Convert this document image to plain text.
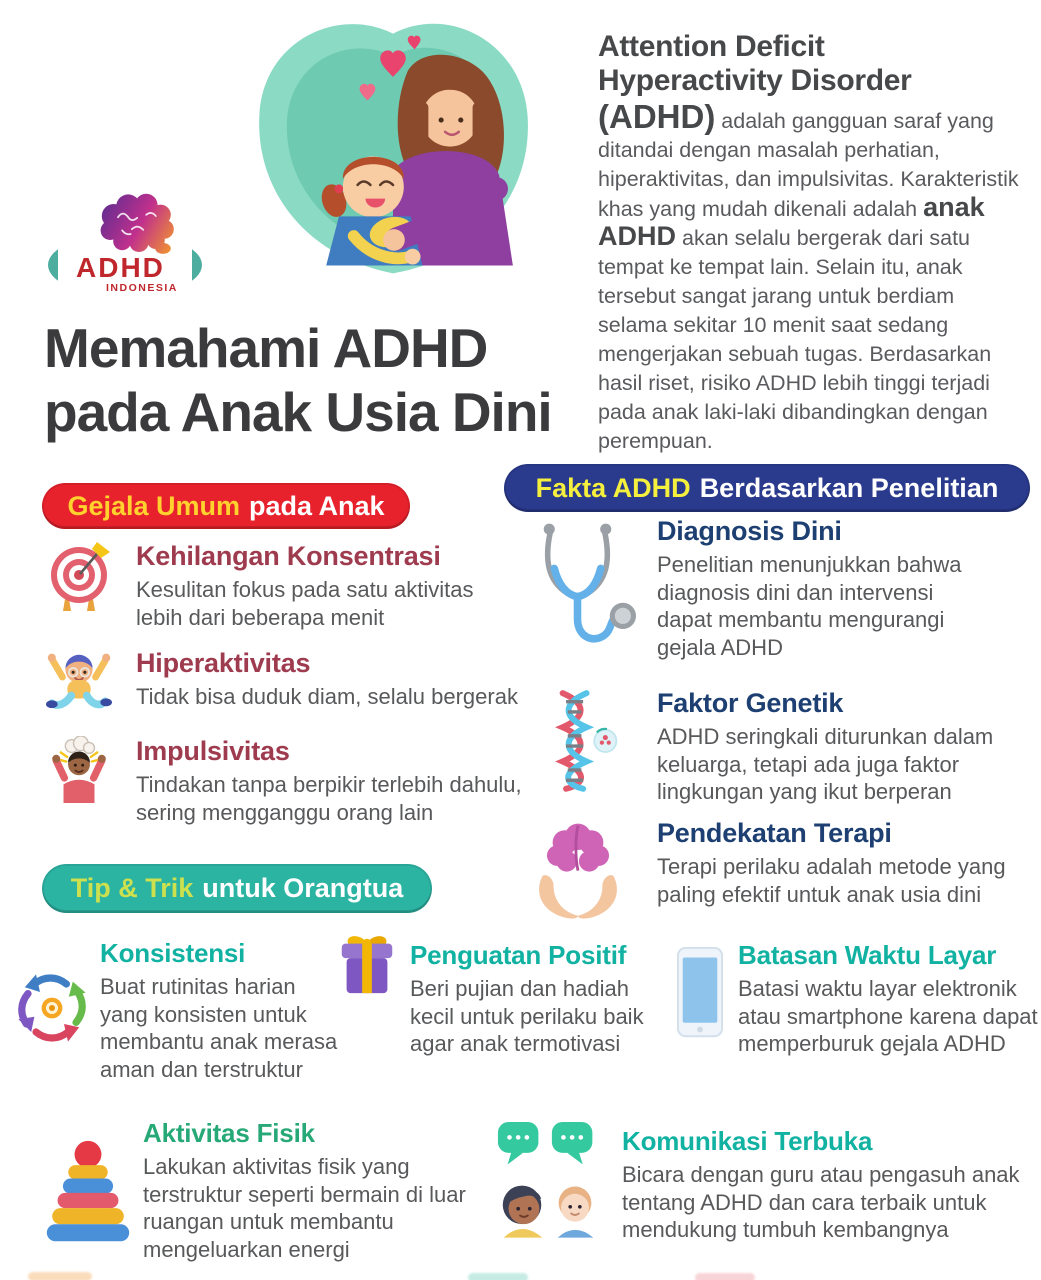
ADHD
INDONESIA
Attention Deficit
Hyperactivity Disorder

(ADHD) adalah gangguan saraf yang ditandai dengan masalah perhatian, hiperaktivitas, dan impulsivitas. Karakteristik khas yang mudah dikenali adalah anak ADHD akan selalu bergerak dari satu tempat ke tempat lain. Selain itu, anak tersebut sangat jarang untuk berdiam selama sekitar 10 menit saat sedang mengerjakan sebuah tugas. Berdasarkan hasil riset, risiko ADHD lebih tinggi terjadi pada anak laki-laki dibandingkan dengan perempuan.

Memahami ADHD
pada Anak Usia Dini
Gejala Umum pada Anak
Kehilangan Konsentrasi
Kesulitan fokus pada satu aktivitas lebih dari beberapa menit
Hiperaktivitas
Tidak bisa duduk diam, selalu bergerak
Impulsivitas
Tindakan tanpa berpikir terlebih dahulu, sering mengganggu orang lain
Fakta ADHD Berdasarkan Penelitian
Diagnosis Dini
Penelitian menunjukkan bahwa diagnosis dini dan intervensi dapat membantu mengurangi gejala ADHD
Faktor Genetik
ADHD seringkali diturunkan dalam keluarga, tetapi ada juga faktor lingkungan yang ikut berperan
Pendekatan Terapi
Terapi perilaku adalah metode yang paling efektif untuk anak usia dini
Tip & Trik untuk Orangtua
Konsistensi
Buat rutinitas harian yang konsisten untuk membantu anak merasa aman dan terstruktur
Penguatan Positif
Beri pujian dan hadiah kecil untuk perilaku baik agar anak termotivasi
Batasan Waktu Layar
Batasi waktu layar elektronik atau smartphone karena dapat memperburuk gejala ADHD
Aktivitas Fisik
Lakukan aktivitas fisik yang terstruktur seperti bermain di luar ruangan untuk membantu mengeluarkan energi
Komunikasi Terbuka
Bicara dengan guru atau pengasuh anak tentang ADHD dan cara terbaik untuk mendukung tumbuh kembangnya
